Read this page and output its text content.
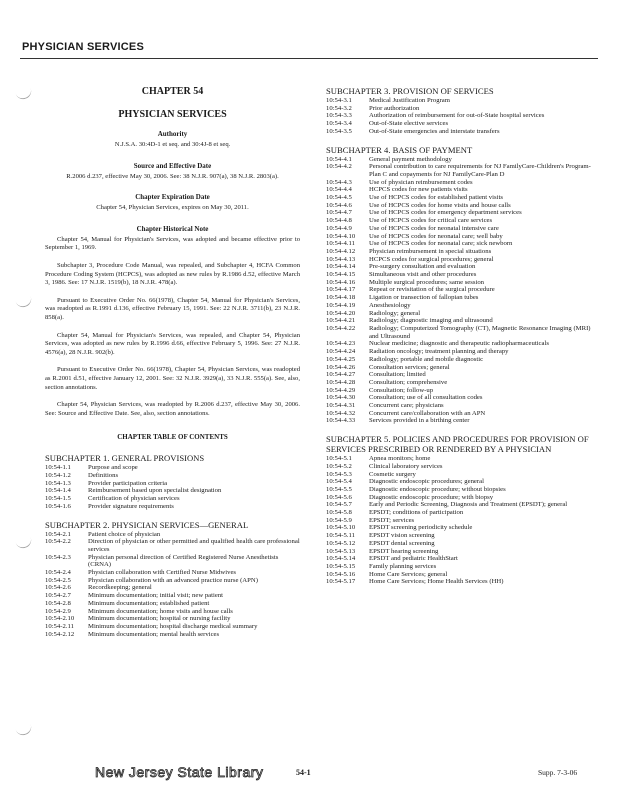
PHYSICIAN SERVICES
CHAPTER 54
PHYSICIAN SERVICES
Authority
N.J.S.A. 30:4D-1 et seq. and 30:4J-8 et seq.
Source and Effective Date
R.2006 d.237, effective May 30, 2006. See: 38 N.J.R. 907(a), 38 N.J.R. 2803(a).
Chapter Expiration Date
Chapter 54, Physician Services, expires on May 30, 2011.
Chapter Historical Note

Chapter 54, Manual for Physician's Services, was adopted and became effective prior to September 1, 1969.

Subchapter 3, Procedure Code Manual, was repealed, and Subchapter 4, HCFA Common Procedure Coding System (HCPCS), was adopted as new rules by R.1986 d.52, effective March 3, 1986. See: 17 N.J.R. 1519(b), 18 N.J.R. 478(a).

Pursuant to Executive Order No. 66(1978), Chapter 54, Manual for Physician's Services, was readopted as R.1991 d.136, effective February 15, 1991. See: 22 N.J.R. 3711(b), 23 N.J.R. 858(a).

Chapter 54, Manual for Physician's Services, was repealed, and Chapter 54, Physician Services, was adopted as new rules by R.1996 d.66, effective February 5, 1996. See: 27 N.J.R. 4576(a), 28 N.J.R. 902(b).

Pursuant to Executive Order No. 66(1978), Chapter 54, Physician Services, was readopted as R.2001 d.51, effective January 12, 2001. See: 32 N.J.R. 3929(a), 33 N.J.R. 555(a). See, also, section annotations.

Chapter 54, Physician Services, was readopted by R.2006 d.237, effective May 30, 2006. See: Source and Effective Date. See, also, section annotations.

CHAPTER TABLE OF CONTENTS
SUBCHAPTER 1. GENERAL PROVISIONS
10:54-1.1	Purpose and scope
10:54-1.2	Definitions
10:54-1.3	Provider participation criteria
10:54-1.4	Reimbursement based upon specialist designation
10:54-1.5	Certification of physician services
10:54-1.6	Provider signature requirements
SUBCHAPTER 2. PHYSICIAN SERVICES—GENERAL
10:54-2.1	Patient choice of physician
10:54-2.2	Direction of physician or other permitted and qualified health care professional services
10:54-2.3	Physician personal direction of Certified Registered Nurse Anesthetists (CRNA)
10:54-2.4	Physician collaboration with Certified Nurse Midwives
10:54-2.5	Physician collaboration with an advanced practice nurse (APN)
10:54-2.6	Recordkeeping; general
10:54-2.7	Minimum documentation; initial visit; new patient
10:54-2.8	Minimum documentation; established patient
10:54-2.9	Minimum documentation; home visits and house calls
10:54-2.10	Minimum documentation; hospital or nursing facility
10:54-2.11	Minimum documentation; hospital discharge medical summary
10:54-2.12	Minimum documentation; mental health services
SUBCHAPTER 3. PROVISION OF SERVICES
10:54-3.1	Medical Justification Program
10:54-3.2	Prior authorization
10:54-3.3	Authorization of reimbursement for out-of-State hospital services
10:54-3.4	Out-of-State elective services
10:54-3.5	Out-of-State emergencies and interstate transfers
SUBCHAPTER 4. BASIS OF PAYMENT
10:54-4.1	General payment methodology
10:54-4.2	Personal contribution to care requirements for NJ FamilyCare-Children's Program-Plan C and copayments for NJ FamilyCare-Plan D
10:54-4.3	Use of physician reimbursement codes
10:54-4.4	HCPCS codes for new patients visits
10:54-4.5	Use of HCPCS codes for established patient visits
10:54-4.6	Use of HCPCS codes for home visits and house calls
10:54-4.7	Use of HCPCS codes for emergency department services
10:54-4.8	Use of HCPCS codes for critical care services
10:54-4.9	Use of HCPCS codes for neonatal intensive care
10:54-4.10	Use of HCPCS codes for neonatal care; well baby
10:54-4.11	Use of HCPCS codes for neonatal care; sick newborn
10:54-4.12	Physician reimbursement in special situations
10:54-4.13	HCPCS codes for surgical procedures; general
10:54-4.14	Pre-surgery consultation and evaluation
10:54-4.15	Simultaneous visit and other procedures
10:54-4.16	Multiple surgical procedures; same session
10:54-4.17	Repeat or revisitation of the surgical procedure
10:54-4.18	Ligation or transection of fallopian tubes
10:54-4.19	Anesthesiology
10:54-4.20	Radiology; general
10:54-4.21	Radiology; diagnostic imaging and ultrasound
10:54-4.22	Radiology; Computerized Tomography (CT), Magnetic Resonance Imaging (MRI) and Ultrasound
10:54-4.23	Nuclear medicine; diagnostic and therapeutic radiopharmaceuticals
10:54-4.24	Radiation oncology; treatment planning and therapy
10:54-4.25	Radiology; portable and mobile diagnostic
10:54-4.26	Consultation services; general
10:54-4.27	Consultation; limited
10:54-4.28	Consultation; comprehensive
10:54-4.29	Consultation; follow-up
10:54-4.30	Consultation; use of all consultation codes
10:54-4.31	Concurrent care; physicians
10:54-4.32	Concurrent care/collaboration with an APN
10:54-4.33	Services provided in a birthing center
SUBCHAPTER 5. POLICIES AND PROCEDURES FOR PROVISION OF SERVICES PRESCRIBED OR RENDERED BY A PHYSICIAN
10:54-5.1	Apnea monitors; home
10:54-5.2	Clinical laboratory services
10:54-5.3	Cosmetic surgery
10:54-5.4	Diagnostic endoscopic procedures; general
10:54-5.5	Diagnostic endoscopic procedure; without biopsies
10:54-5.6	Diagnostic endoscopic procedure; with biopsy
10:54-5.7	Early and Periodic Screening, Diagnosis and Treatment (EPSDT); general
10:54-5.8	EPSDT; conditions of participation
10:54-5.9	EPSDT; services
10:54-5.10	EPSDT screening periodicity schedule
10:54-5.11	EPSDT vision screening
10:54-5.12	EPSDT dental screening
10:54-5.13	EPSDT hearing screening
10:54-5.14	EPSDT and pediatric HealthStart
10:54-5.15	Family planning services
10:54-5.16	Home Care Services; general
10:54-5.17	Home Care Services; Home Health Services (HH)
New Jersey State Library	54-1	Supp. 7-3-06
